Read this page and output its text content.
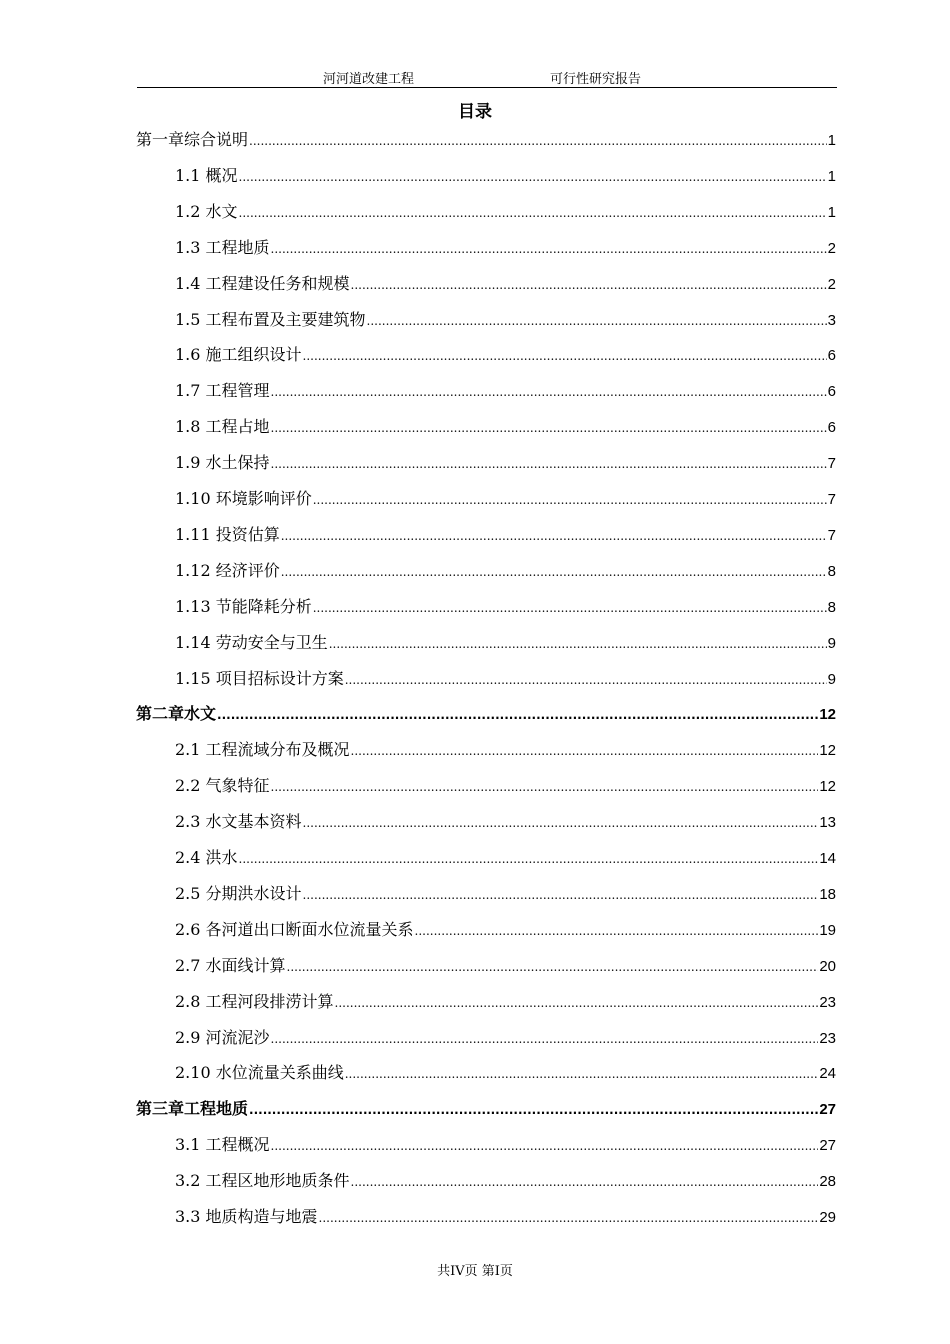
河河道改建工程	可行性研究报告
目录
第一章综合说明 .....	1
1.1 概况 .....	1
1.2 水文 .....	1
1.3 工程地质 .....	2
1.4 工程建设任务和规模 .....	2
1.5 工程布置及主要建筑物 .....	3
1.6 施工组织设计 .....	6
1.7 工程管理 .....	6
1.8 工程占地 .....	6
1.9 水土保持 .....	7
1.10 环境影响评价 .....	7
1.11 投资估算 .....	7
1.12 经济评价 .....	8
1.13 节能降耗分析 .....	8
1.14 劳动安全与卫生 .....	9
1.15 项目招标设计方案 .....	9
第二章水文 .....	12
2.1 工程流域分布及概况 .....	12
2.2 气象特征 .....	12
2.3 水文基本资料 .....	13
2.4 洪水 .....	14
2.5 分期洪水设计 .....	18
2.6 各河道出口断面水位流量关系 .....	19
2.7 水面线计算 .....	20
2.8 工程河段排涝计算 .....	23
2.9 河流泥沙 .....	23
2.10 水位流量关系曲线 .....	24
第三章工程地质 .....	27
3.1 工程概况 .....	27
3.2 工程区地形地质条件 .....	28
3.3 地质构造与地震 .....	29
共IV页 第I页
